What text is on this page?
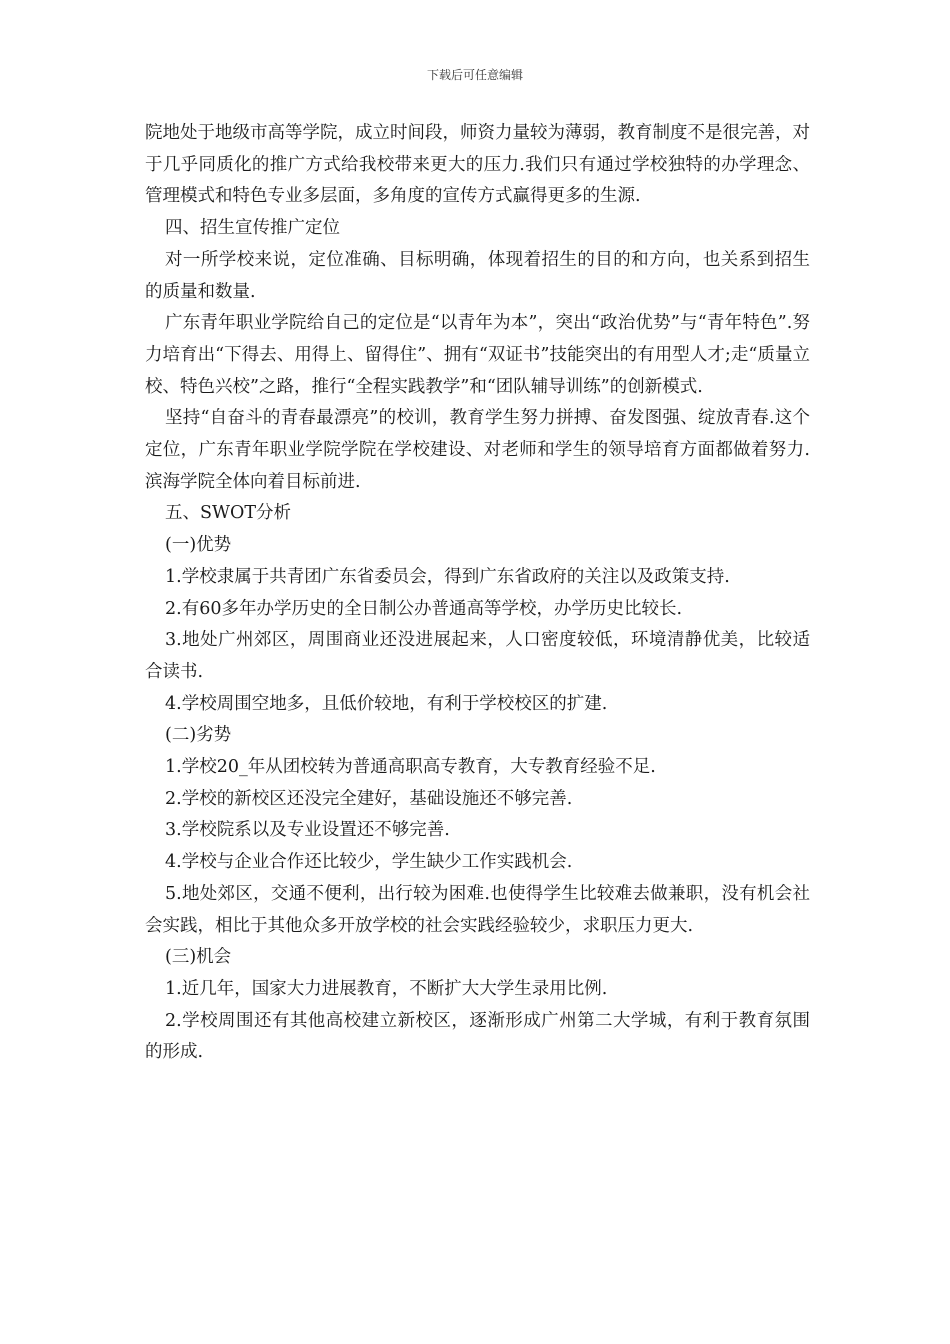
下载后可任意编辑

院地处于地级市高等学院，成立时间段，师资力量较为薄弱，教育制度不是很完善，对于几乎同质化的推广方式给我校带来更大的压力.我们只有通过学校独特的办学理念、管理模式和特色专业多层面，多角度的宣传方式赢得更多的生源.

四、招生宣传推广定位

对一所学校来说，定位准确、目标明确，体现着招生的目的和方向，也关系到招生的质量和数量.

广东青年职业学院给自己的定位是“以青年为本”，突出“政治优势”与“青年特色”.努力培育出“下得去、用得上、留得住”、拥有“双证书”技能突出的有用型人才;走“质量立校、特色兴校”之路，推行“全程实践教学”和“团队辅导训练”的创新模式.

坚持“自奋斗的青春最漂亮”的校训，教育学生努力拼搏、奋发图强、绽放青春.这个定位，广东青年职业学院学院在学校建设、对老师和学生的领导培育方面都做着努力.滨海学院全体向着目标前进.

五、SWOT分析

(一)优势

1.学校隶属于共青团广东省委员会，得到广东省政府的关注以及政策支持.

2.有60多年办学历史的全日制公办普通高等学校，办学历史比较长.

3.地处广州郊区，周围商业还没进展起来，人口密度较低，环境清静优美，比较适合读书.

4.学校周围空地多，且低价较地，有利于学校校区的扩建.

(二)劣势

1.学校20_年从团校转为普通高职高专教育，大专教育经验不足.

2.学校的新校区还没完全建好，基础设施还不够完善.

3.学校院系以及专业设置还不够完善.

4.学校与企业合作还比较少，学生缺少工作实践机会.

5.地处郊区，交通不便利，出行较为困难.也使得学生比较难去做兼职，没有机会社会实践，相比于其他众多开放学校的社会实践经验较少，求职压力更大.

(三)机会

1.近几年，国家大力进展教育，不断扩大大学生录用比例.

2.学校周围还有其他高校建立新校区，逐渐形成广州第二大学城，有利于教育氛围的形成.
